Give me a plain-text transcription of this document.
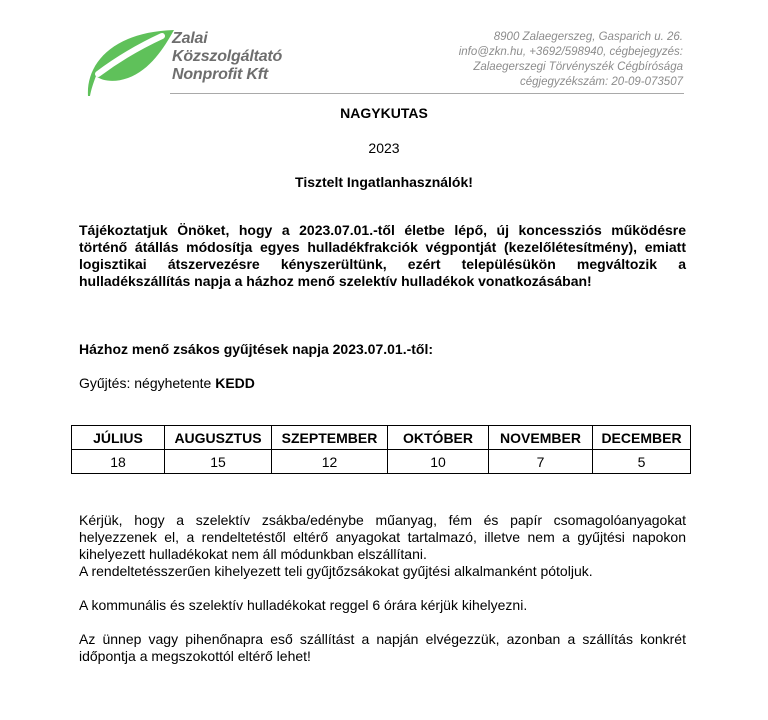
Zalai
Közszolgáltató
Nonprofit Kft
8900 Zalaegerszeg, Gasparich u. 26.
info@zkn.hu, +3692/598940, cégbejegyzés:
Zalaegerszegi Törvényszék Cégbírósága
cégjegyzékszám: 20-09-073507
NAGYKUTAS
2023
Tisztelt Ingatlanhasználók!
Tájékoztatjuk Önöket, hogy a 2023.07.01.-től életbe lépő, új koncessziós működésre történő átállás módosítja egyes hulladékfrakciók végpontját (kezelőlétesítmény), emiatt logisztikai átszervezésre kényszerültünk, ezért településükön megváltozik a hulladékszállítás napja a házhoz menő szelektív hulladékok vonatkozásában!
Házhoz menő zsákos gyűjtések napja 2023.07.01.-től:
Gyűjtés: négyhetente KEDD
JÚLIUS	AUGUSZTUS	SZEPTEMBER	OKTÓBER	NOVEMBER	DECEMBER
18	15	12	10	7	5
Kérjük, hogy a szelektív zsákba/edénybe műanyag, fém és papír csomagolóanyagokat helyezzenek el, a rendeltetéstől eltérő anyagokat tartalmazó, illetve nem a gyűjtési napokon kihelyezett hulladékokat nem áll módunkban elszállítani.
A rendeltetésszerűen kihelyezett teli gyűjtőzsákokat gyűjtési alkalmanként pótoljuk.
A kommunális és szelektív hulladékokat reggel 6 órára kérjük kihelyezni.
Az ünnep vagy pihenőnapra eső szállítást a napján elvégezzük, azonban a szállítás konkrét időpontja a megszokottól eltérő lehet!
